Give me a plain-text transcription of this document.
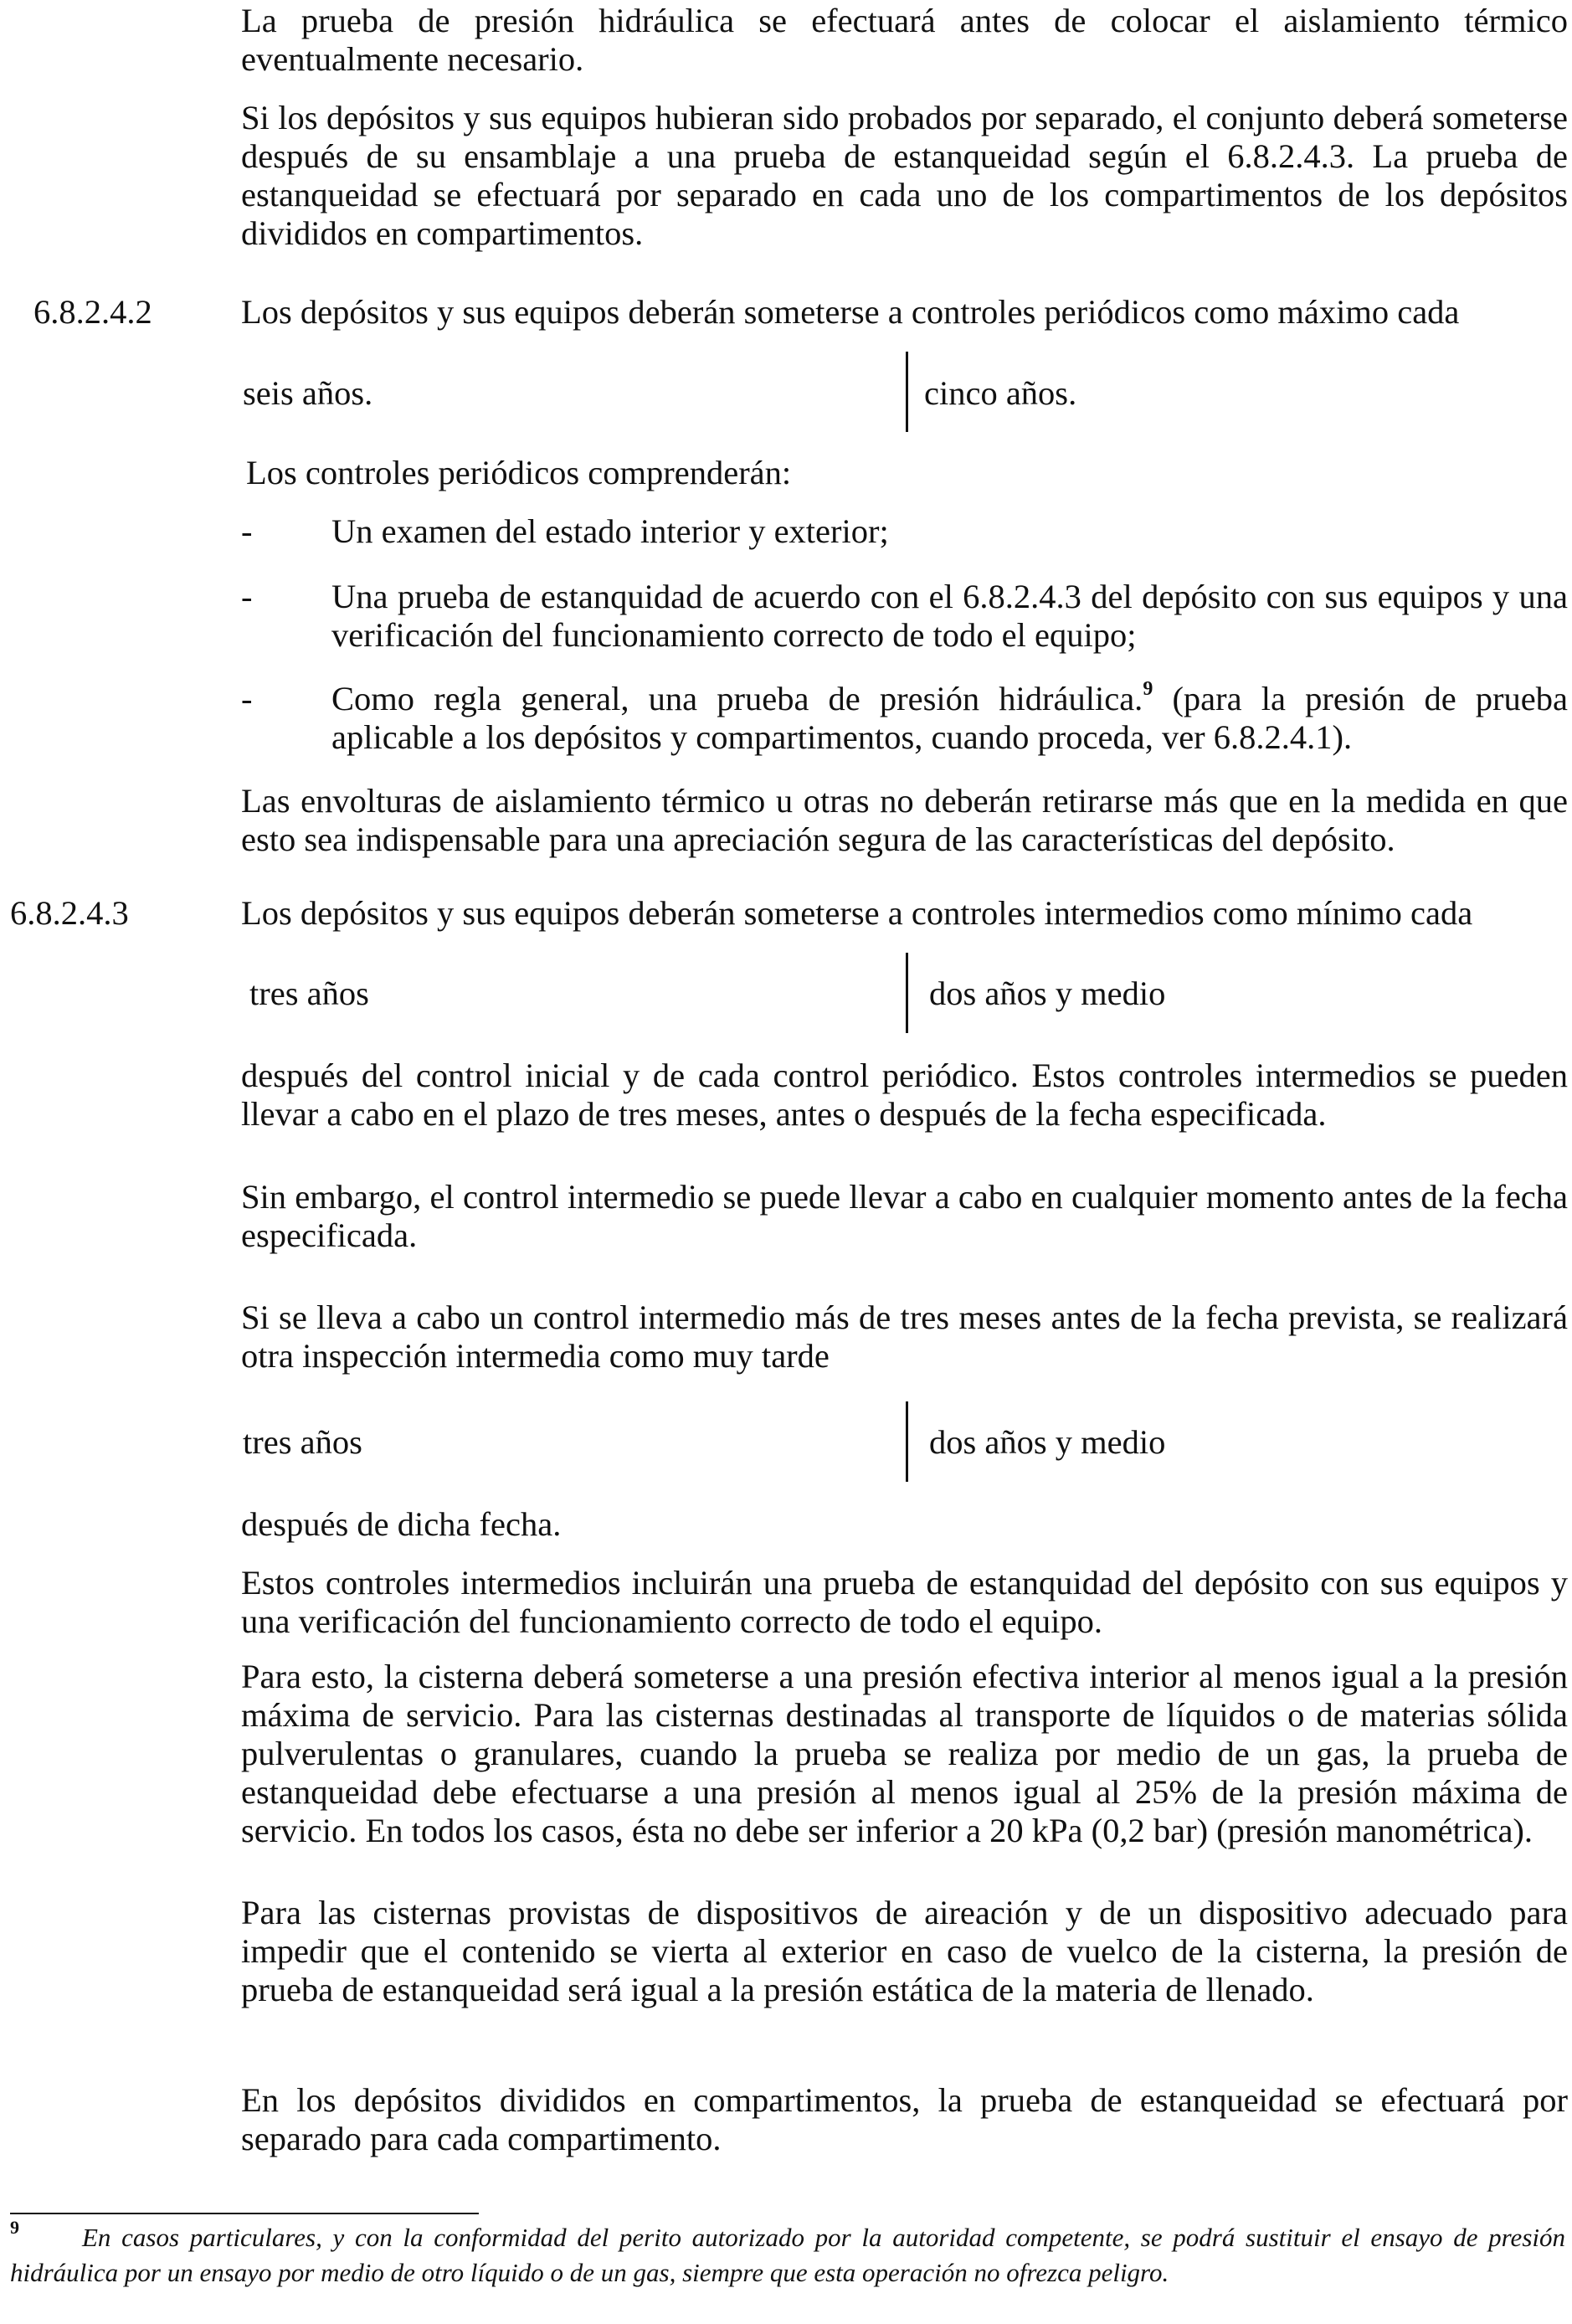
La prueba de presión hidráulica se efectuará antes de colocar el aislamiento térmico eventualmente necesario.

Si los depósitos y sus equipos hubieran sido probados por separado, el conjunto deberá someterse después de su ensamblaje a una prueba de estanqueidad según el 6.8.2.4.3. La prueba de estanqueidad se efectuará por separado en cada uno de los compartimentos de los depósitos divididos en compartimentos.

6.8.2.4.2	Los depósitos y sus equipos deberán someterse a controles periódicos como máximo cada

seis años.	cinco años.

Los controles periódicos comprenderán:

- Un examen del estado interior y exterior;

- Una prueba de estanquidad de acuerdo con el 6.8.2.4.3 del depósito con sus equipos y una verificación del funcionamiento correcto de todo el equipo;

- Como regla general, una prueba de presión hidráulica.$^9$ (para la presión de prueba aplicable a los depósitos y compartimentos, cuando proceda, ver 6.8.2.4.1).

Las envolturas de aislamiento térmico u otras no deberán retirarse más que en la medida en que esto sea indispensable para una apreciación segura de las características del depósito.

6.8.2.4.3	Los depósitos y sus equipos deberán someterse a controles intermedios como mínimo cada

tres años	dos años y medio

después del control inicial y de cada control periódico. Estos controles intermedios se pueden llevar a cabo en el plazo de tres meses, antes o después de la fecha especificada.

Sin embargo, el control intermedio se puede llevar a cabo en cualquier momento antes de la fecha especificada.

Si se lleva a cabo un control intermedio más de tres meses antes de la fecha prevista, se realizará otra inspección intermedia como muy tarde

tres años	dos años y medio

después de dicha fecha.

Estos controles intermedios incluirán una prueba de estanquidad del depósito con sus equipos y una verificación del funcionamiento correcto de todo el equipo.

Para esto, la cisterna deberá someterse a una presión efectiva interior al menos igual a la presión máxima de servicio. Para las cisternas destinadas al transporte de líquidos o de materias sólida pulverulentas o granulares, cuando la prueba se realiza por medio de un gas, la prueba de estanqueidad debe efectuarse a una presión al menos igual al 25% de la presión máxima de servicio. En todos los casos, ésta no debe ser inferior a 20 kPa (0,2 bar) (presión manométrica).

Para las cisternas provistas de dispositivos de aireación y de un dispositivo adecuado para impedir que el contenido se vierta al exterior en caso de vuelco de la cisterna, la presión de prueba de estanqueidad será igual a la presión estática de la materia de llenado.

En los depósitos divididos en compartimentos, la prueba de estanqueidad se efectuará por separado para cada compartimento.

9	En casos particulares, y con la conformidad del perito autorizado por la autoridad competente, se podrá sustituir el ensayo de presión hidráulica por un ensayo por medio de otro líquido o de un gas, siempre que esta operación no ofrezca peligro.
